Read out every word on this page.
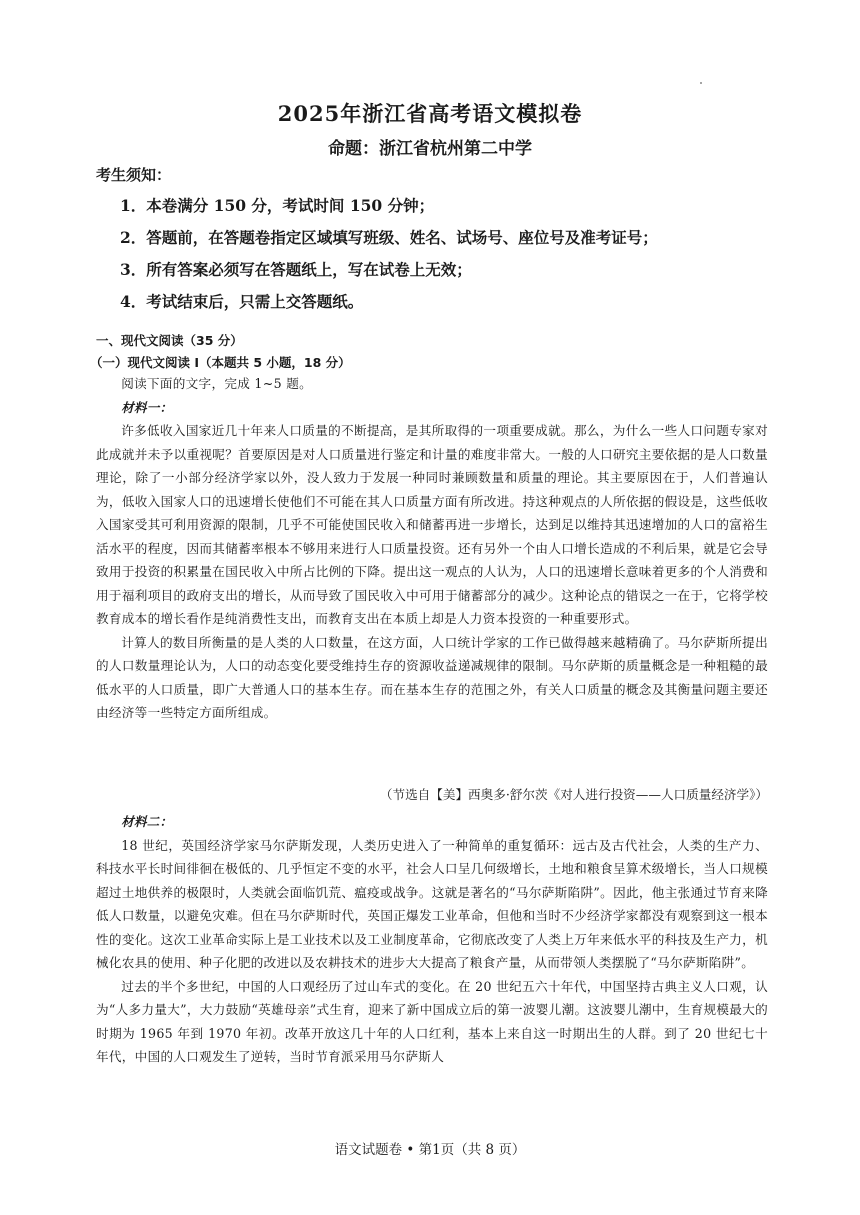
2025年浙江省高考语文模拟卷
命题：浙江省杭州第二中学
考生须知：
1．本卷满分 150 分，考试时间 150 分钟；
2．答题前，在答题卷指定区域填写班级、姓名、试场号、座位号及准考证号；
3．所有答案必须写在答题纸上，写在试卷上无效；
4．考试结束后，只需上交答题纸。
一、现代文阅读（35 分）
（一）现代文阅读 I（本题共 5 小题，18 分）

阅读下面的文字，完成 1~5 题。

材料一：

许多低收入国家近几十年来人口质量的不断提高，是其所取得的一项重要成就。那么，为什么一些人口问题专家对此成就并未予以重视呢？首要原因是对人口质量进行鉴定和计量的难度非常大。一般的人口研究主要依据的是人口数量理论，除了一小部分经济学家以外，没人致力于发展一种同时兼顾数量和质量的理论。其主要原因在于，人们普遍认为，低收入国家人口的迅速增长使他们不可能在其人口质量方面有所改进。持这种观点的人所依据的假设是，这些低收入国家受其可利用资源的限制，几乎不可能使国民收入和储蓄再进一步增长，达到足以维持其迅速增加的人口的富裕生活水平的程度，因而其储蓄率根本不够用来进行人口质量投资。还有另外一个由人口增长造成的不利后果，就是它会导致用于投资的积累量在国民收入中所占比例的下降。提出这一观点的人认为，人口的迅速增长意味着更多的个人消费和用于福利项目的政府支出的增长，从而导致了国民收入中可用于储蓄部分的减少。这种论点的错误之一在于，它将学校教育成本的增长看作是纯消费性支出，而教育支出在本质上却是人力资本投资的一种重要形式。

计算人的数目所衡量的是人类的人口数量，在这方面，人口统计学家的工作已做得越来越精确了。马尔萨斯所提出的人口数量理论认为，人口的动态变化要受维持生存的资源收益递减规律的限制。马尔萨斯的质量概念是一种粗糙的最低水平的人口质量，即广大普通人口的基本生存。而在基本生存的范围之外，有关人口质量的概念及其衡量问题主要还由经济等一些特定方面所组成。

（节选自【美】西奥多·舒尔茨《对人进行投资——人口质量经济学》）

材料二：

18 世纪，英国经济学家马尔萨斯发现，人类历史进入了一种简单的重复循环：远古及古代社会，人类的生产力、科技水平长时间徘徊在极低的、几乎恒定不变的水平，社会人口呈几何级增长，土地和粮食呈算术级增长，当人口规模超过土地供养的极限时，人类就会面临饥荒、瘟疫或战争。这就是著名的“马尔萨斯陷阱”。因此，他主张通过节育来降低人口数量，以避免灾难。但在马尔萨斯时代，英国正爆发工业革命，但他和当时不少经济学家都没有观察到这一根本性的变化。这次工业革命实际上是工业技术以及工业制度革命，它彻底改变了人类上万年来低水平的科技及生产力，机械化农具的使用、种子化肥的改进以及农耕技术的进步大大提高了粮食产量，从而带领人类摆脱了“马尔萨斯陷阱”。

过去的半个多世纪，中国的人口观经历了过山车式的变化。在 20 世纪五六十年代，中国坚持古典主义人口观，认为“人多力量大”，大力鼓励“英雄母亲”式生育，迎来了新中国成立后的第一波婴儿潮。这波婴儿潮中，生育规模最大的时期为 1965 年到 1970 年初。改革开放这几十年的人口红利，基本上来自这一时期出生的人群。到了 20 世纪七十年代，中国的人口观发生了逆转，当时节育派采用马尔萨斯人

语文试题卷 • 第1页（共 8 页）
